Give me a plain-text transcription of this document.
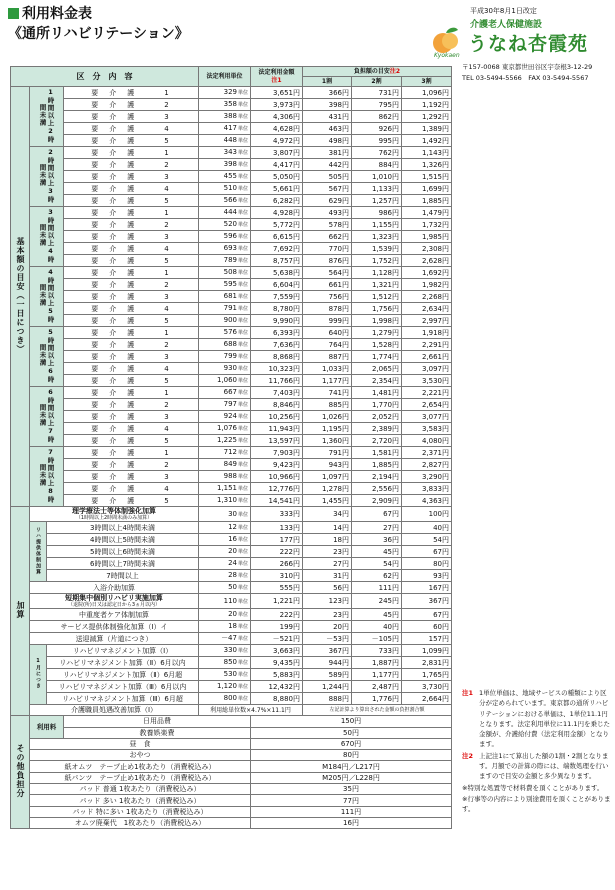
利用料金表
《通所リハビリテーション》
平成30年8月1日改定
Kyokaen
介護老人保健施設
うなね杏霞苑
〒157-0068 東京都世田谷区宇奈根3-12-29
TEL 03-5494-5566　FAX 03-5494-5567
区　分　内　容				法定利用単位	法定利用金額
注1	負担額の目安注2		
						1割	2割	3割
基本額の目安（一日につき）	1時間以上2時間未満		要　介　護 1	329単位	3,651円	366円	731円	1,096円
			要　介　護 2	358単位	3,973円	398円	795円	1,192円
			要　介　護 3	388単位	4,306円	431円	862円	1,292円
			要　介　護 4	417単位	4,628円	463円	926円	1,389円
			要　介　護 5	448単位	4,972円	498円	995円	1,492円
	2時間以上3時間未満		要　介　護 1	343単位	3,807円	381円	762円	1,143円
			要　介　護 2	398単位	4,417円	442円	884円	1,326円
			要　介　護 3	455単位	5,050円	505円	1,010円	1,515円
			要　介　護 4	510単位	5,661円	567円	1,133円	1,699円
			要　介　護 5	566単位	6,282円	629円	1,257円	1,885円
	3時間以上4時間未満		要　介　護 1	444単位	4,928円	493円	986円	1,479円
			要　介　護 2	520単位	5,772円	578円	1,155円	1,732円
			要　介　護 3	596単位	6,615円	662円	1,323円	1,985円
			要　介　護 4	693単位	7,692円	770円	1,539円	2,308円
			要　介　護 5	789単位	8,757円	876円	1,752円	2,628円
	4時間以上5時間未満		要　介　護 1	508単位	5,638円	564円	1,128円	1,692円
			要　介　護 2	595単位	6,604円	661円	1,321円	1,982円
			要　介　護 3	681単位	7,559円	756円	1,512円	2,268円
			要　介　護 4	791単位	8,780円	878円	1,756円	2,634円
			要　介　護 5	900単位	9,990円	999円	1,998円	2,997円
	5時間以上6時間未満		要　介　護 1	576単位	6,393円	640円	1,279円	1,918円
			要　介　護 2	688単位	7,636円	764円	1,528円	2,291円
			要　介　護 3	799単位	8,868円	887円	1,774円	2,661円
			要　介　護 4	930単位	10,323円	1,033円	2,065円	3,097円
			要　介　護 5	1,060単位	11,766円	1,177円	2,354円	3,530円
	6時間以上7時間未満		要　介　護 1	667単位	7,403円	741円	1,481円	2,221円
			要　介　護 2	797単位	8,846円	885円	1,770円	2,654円
			要　介　護 3	924単位	10,256円	1,026円	2,052円	3,077円
			要　介　護 4	1,076単位	11,943円	1,195円	2,389円	3,583円
			要　介　護 5	1,225単位	13,597円	1,360円	2,720円	4,080円
	7時間以上8時間未満		要　介　護 1	712単位	7,903円	791円	1,581円	2,371円
			要　介　護 2	849単位	9,423円	943円	1,885円	2,827円
			要　介　護 3	988単位	10,966円	1,097円	2,194円	3,290円
			要　介　護 4	1,151単位	12,776円	1,278円	2,556円	3,833円
			要　介　護 5	1,310単位	14,541円	1,455円	2,909円	4,363円
加算	理学療法士等体制強化加算
（1時間以上2時間未満のみ加算）			30単位	333円	34円	67円	100円
	リハ提供体制加算	3時間以上4時間未満		12単位	133円	14円	27円	40円
		4時間以上5時間未満		16単位	177円	18円	36円	54円
		5時間以上6時間未満		20単位	222円	23円	45円	67円
		6時間以上7時間未満		24単位	266円	27円	54円	80円
		7時間以上		28単位	310円	31円	62円	93円
	入浴介助加算			50単位	555円	56円	111円	167円

	短期集中個別リハビリ実施加算
（退院(所)日又は認定日から3ヵ月以内）			110単位	1,221円	123円	245円	367円
	中重度者ケア体制加算			20単位	222円	23円	45円	67円
	サービス提供体制強化加算（Ⅰ）イ			18単位	199円	20円	40円	60円
	送迎減算（片道につき）			－47単位	－521円	－53円	－105円	157円
	1月につき	リハビリマネジメント加算（Ⅰ）		330単位	3,663円	367円	733円	1,099円
		リハビリマネジメント加算（Ⅱ）6月以内		850単位	9,435円	944円	1,887円	2,831円
		リハビリマネジメント加算（Ⅱ）6月超		530単位	5,883円	589円	1,177円	1,765円
		リハビリマネジメント加算（Ⅲ）6月以内		1,120単位	12,432円	1,244円	2,487円	3,730円
		リハビリマネジメント加算（Ⅲ）6月超		800単位	8,880円	888円	1,776円	2,664円
	介護職員処遇改善加算（Ⅰ）			利用総単位数×4.7%×11.1円		左記計算より算出された金額の負担割合額		
その他負担分	利用料		日用品費		150円			
			教養娯楽費		50円			
	昼　食				670円			
	おやつ				80円			
	紙オムツ　テープ止め1枚あたり（消費税込み）				M184円／L217円			
	紙パンツ　テープ止め1枚あたり（消費税込み）				M205円／L228円			
	パッド 普通 1枚あたり（消費税込み）				35円			
	パッド 多い 1枚あたり（消費税込み）				77円			
	パッド 特に多い 1枚あたり（消費税込み）				111円			
	オムツ廃棄代　1枚あたり（消費税込み）				16円			
注1 1単位単価は、地域サービスの種類により区分が定められています。東京都の通所リハビリテーションにおける単価は、1単位11.1円となります。法定利用単位に11.1円を乗じた金額が、介護給付費（法定利用金額）となります。
注2 上記注1にて算出した額の1割・2割となります。月額での計算の際には、端数処理を行いますので目安の金額と多少異なります。
※特別な処置等で材料費を頂くことがあります。
※行事等の内容により別途費用を頂くことがあります。
